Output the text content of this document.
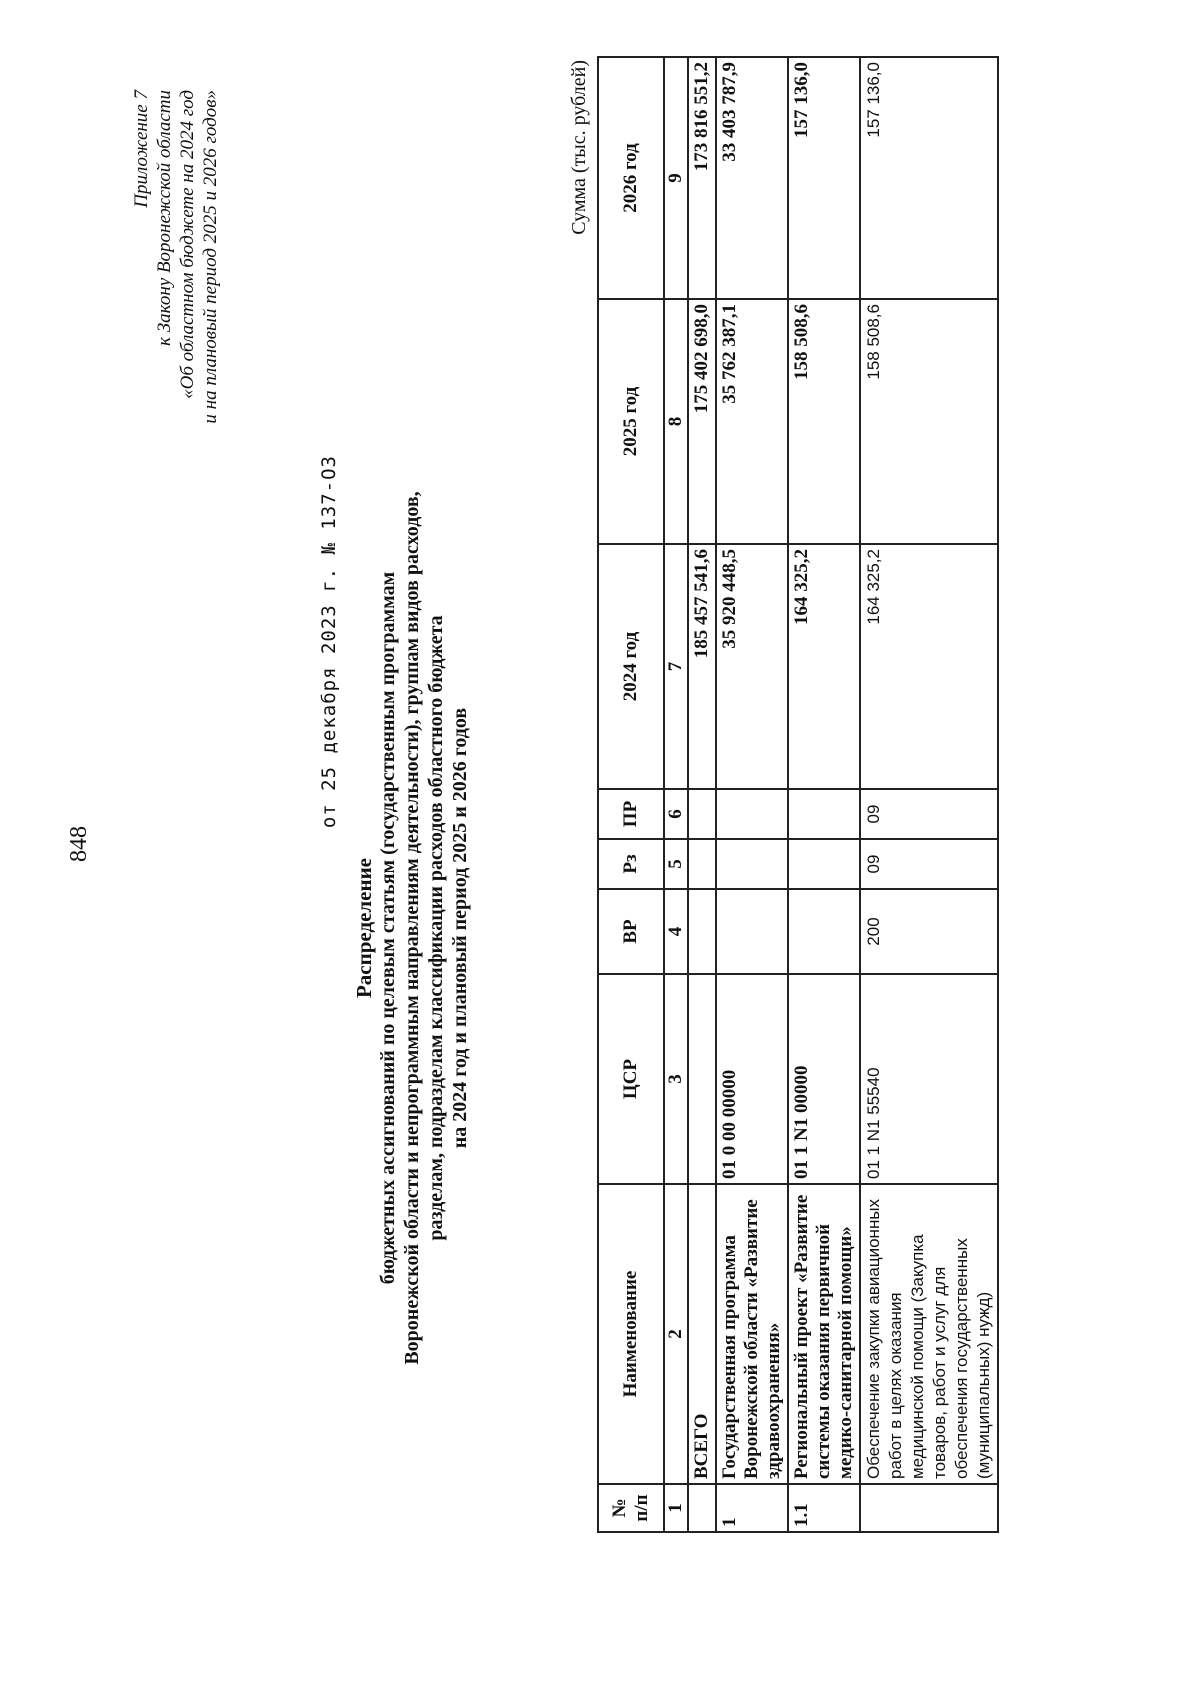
848
Приложение 7 к Закону Воронежской области «Об областном бюджете на 2024 год и на плановый период 2025 и 2026 годов»
от 25 декабря 2023 г. № 137-ОЗ
Распределение бюджетных ассигнований по целевым статьям (государственным программам Воронежской области и непрограммным направлениям деятельности), группам видов расходов, разделам, подразделам классификации расходов областного бюджета на 2024 год и плановый период 2025 и 2026 годов
Сумма (тыс. рублей)
№ п/п	Наименование	ЦСР	ВР	Рз	ПР	2024 год	2025 год	2026 год
1	2	3	4	5	6	7	8	9
	ВСЕГО					185 457 541,6	175 402 698,0	173 816 551,2
1	Государственная программа Воронежской области «Развитие здравоохранения»	01 0 00 00000				35 920 448,5	35 762 387,1	33 403 787,9
1.1	Региональный проект «Развитие системы оказания первичной медико-санитарной помощи»	01 1 N1 00000				164 325,2	158 508,6	157 136,0
	Обеспечение закупки авиационных работ в целях оказания медицинской помощи (Закупка товаров, работ и услуг для обеспечения государственных (муниципальных) нужд)	01 1 N1 55540	200	09	09	164 325,2	158 508,6	157 136,0
